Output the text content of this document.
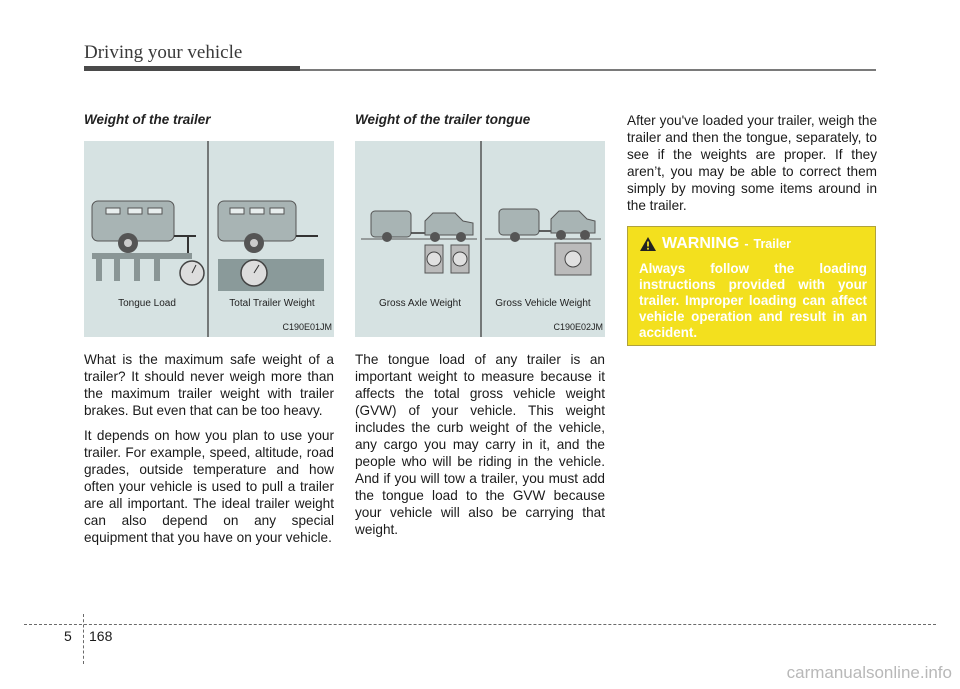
Driving your vehicle
Weight of the trailer
Tongue Load	Total Trailer Weight
C190E01JM

What is the maximum safe weight of a trailer? It should never weigh more than the maximum trailer weight with trailer brakes. But even that can be too heavy.

It depends on how you plan to use your trailer. For example, speed, altitude, road grades, outside temperature and how often your vehicle is used to pull a trailer are all important. The ideal trailer weight can also depend on any special equipment that you have on your vehicle.

Weight of the trailer tongue
Gross Axle Weight	Gross Vehicle Weight
C190E02JM

The tongue load of any trailer is an important weight to measure because it affects the total gross vehicle weight (GVW) of your vehicle. This weight includes the curb weight of the vehicle, any cargo you may carry in it, and the people who will be riding in the vehicle. And if you will tow a trailer, you must add the tongue load to the GVW because your vehicle will also be carrying that weight.

After you've loaded your trailer, weigh the trailer and then the tongue, separately, to see if the weights are proper. If they aren’t, you may be able to correct them simply by moving some items around in the trailer.

WARNING - Trailer
Always follow the loading instructions provided with your trailer. Improper loading can affect vehicle operation and result in an accident.
5 168
carmanualsonline.info
